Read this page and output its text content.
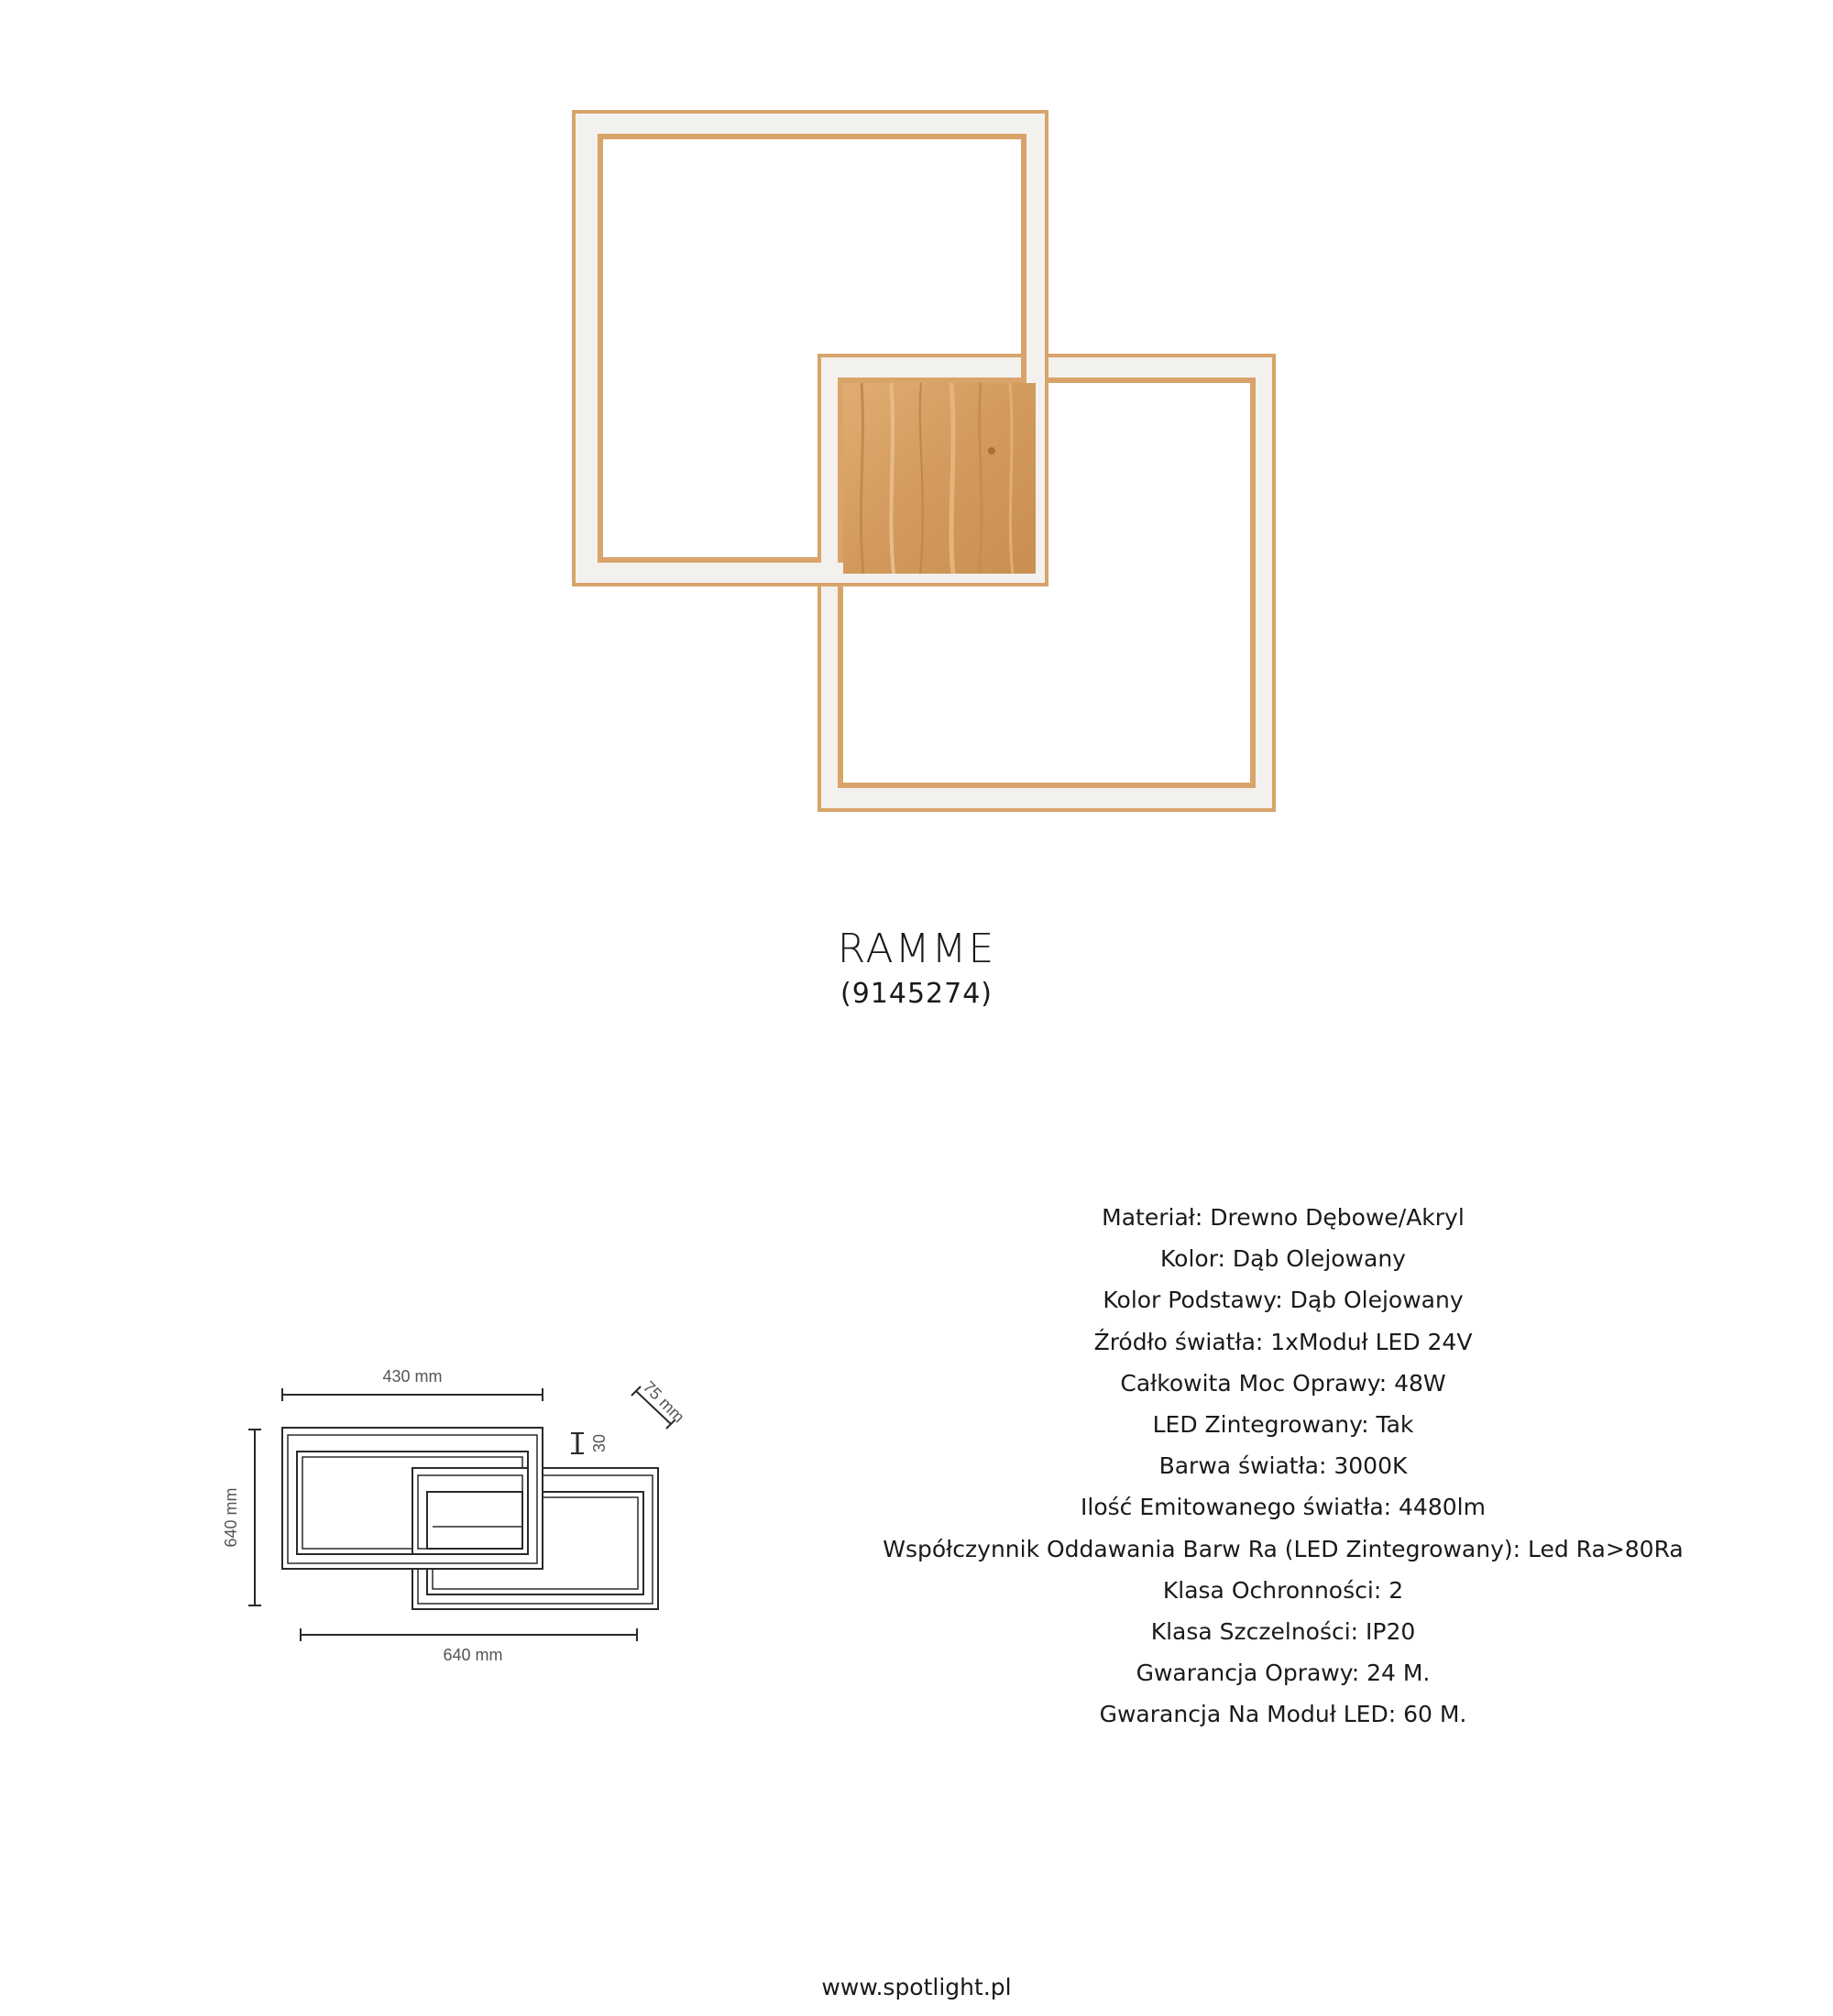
RAMME
(9145274)
430 mm
75 mm
30
640 mm
640 mm
Materiał: Drewno Dębowe/Akryl
Kolor: Dąb Olejowany
Kolor Podstawy: Dąb Olejowany
Źródło światła: 1xModuł LED 24V
Całkowita Moc Oprawy: 48W
LED Zintegrowany: Tak
Barwa światła: 3000K
Ilość Emitowanego światła: 4480lm
Współczynnik Oddawania Barw Ra (LED Zintegrowany): Led Ra>80Ra
Klasa Ochronności: 2
Klasa Szczelności: IP20
Gwarancja Oprawy: 24 M.
Gwarancja Na Moduł LED: 60 M.
www.spotlight.pl
